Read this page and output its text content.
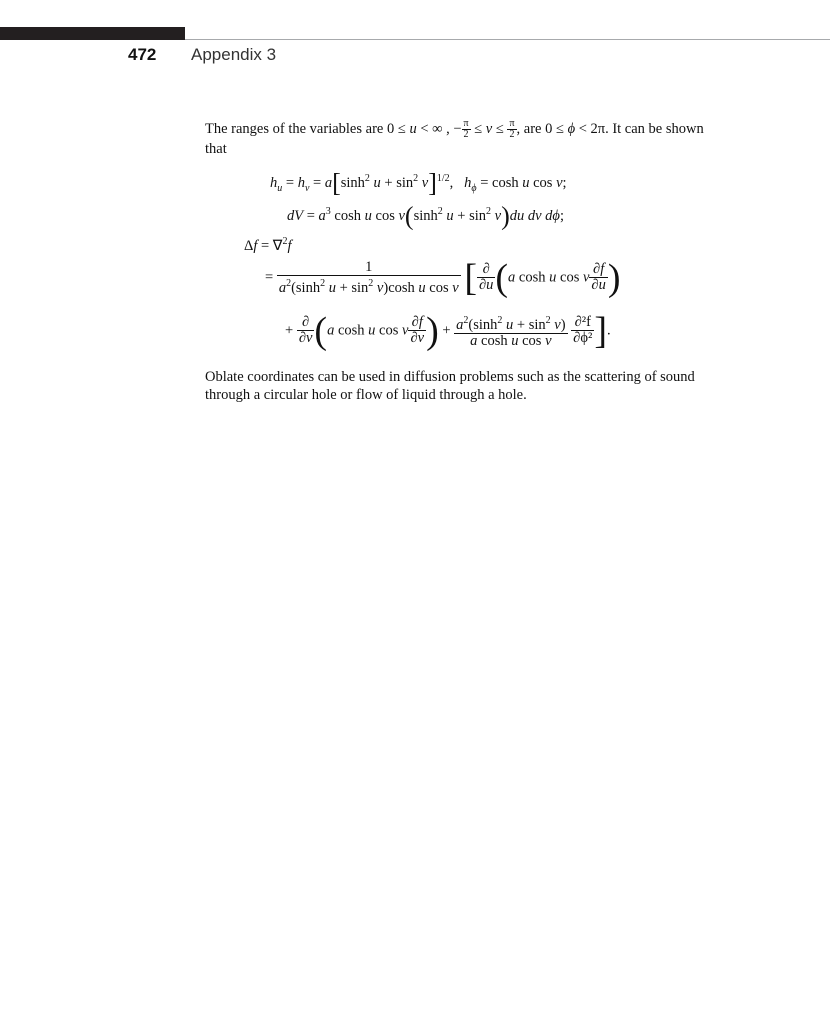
472 Appendix 3
The ranges of the variables are 0 ≤ u < ∞ , − $\frac{\pi}{2} \le v \le \frac{\pi}{2}$ , are 0 ≤ ϕ < 2π. It can be shown that
$h_u = h_v = a[\sinh^2$ $u + \sin^2 v]^{1/2}$,   $h_\phi = \cosh u$ cos v;
dV = $a^3$ cosh u $\cos v(\sinh^2$ $u + \sin^2 v)du$ dv dϕ;
Δf = ∇$^2$f
= $\frac{1}{a^2(\sinh^2 u + \sin^2 v)\cosh u \cos v}$ [ $\frac{\partial}{\partial u} (a$ cosh u cos v $\frac{\partial f}{\partial u}$ )
+ $\frac{\partial}{\partial v} (a$ cosh u cos v $\frac{\partial f}{\partial v}$ ) + $\frac{a^2(\sinh^2 u + \sin^2 v)}{\text{a cosh u cos v}}$
$\frac{\text{∂²f}}{\text{∂ϕ²}}$ ].
Oblate coordinates can be used in diffusion problems such as the scattering of sound through a circular hole or flow of liquid through a hole.
